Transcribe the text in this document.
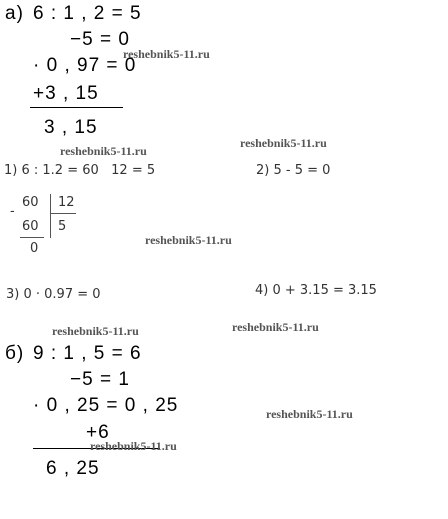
а) 6 : 1 , 2 = 5
−5 = 0
· 0 , 97 = 0
+3 , 15
3 , 15
reshebnik5-11.ru
reshebnik5-11.ru
reshebnik5-11.ru
1) 6 : 1.2 = 60   12 = 5	2) 5 - 5 = 0
-
60 12
60 5
0
reshebnik5-11.ru
3) 0 · 0.97 = 0	4) 0 + 3.15 = 3.15
reshebnik5-11.ru	reshebnik5-11.ru
б) 9 : 1 , 5 = 6
−5 = 1
· 0 , 25 = 0 , 25
+6
6 , 25
reshebnik5-11.ru
reshebnik5-11.ru
